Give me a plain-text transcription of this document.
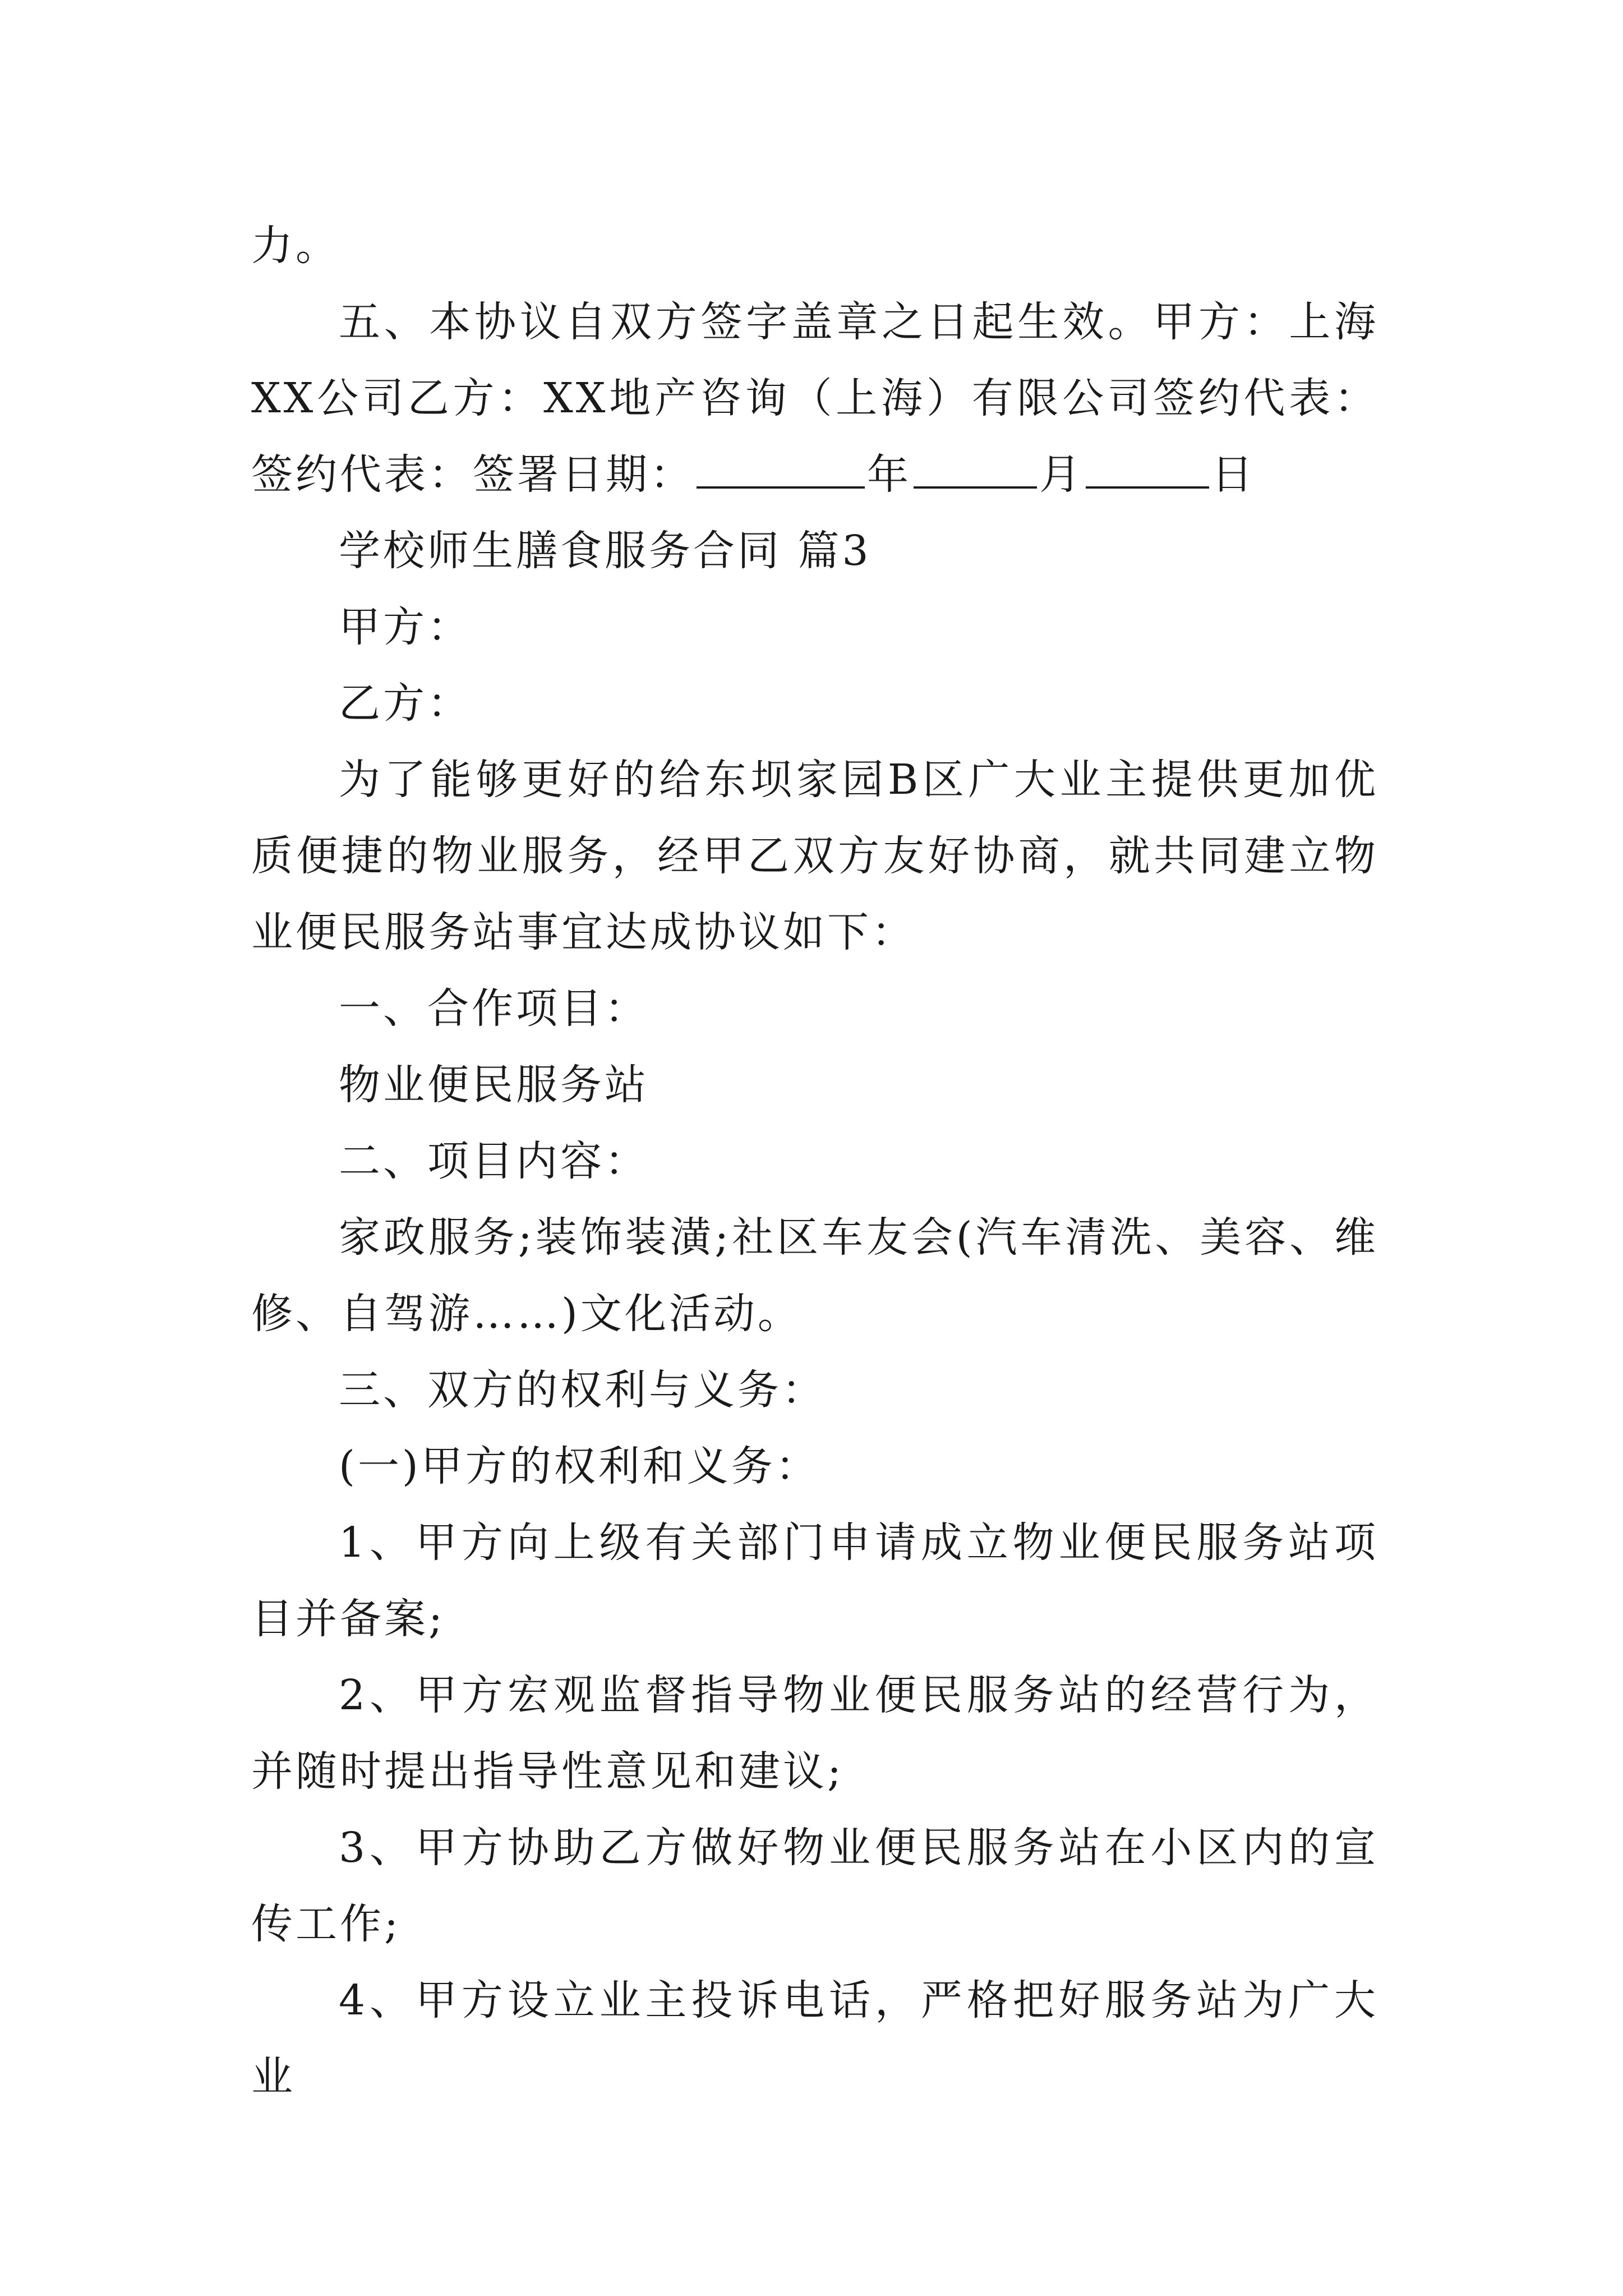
力。

五、本协议自双方签字盖章之日起生效。甲方：上海XX公司乙方：XX地产咨询（上海）有限公司签约代表： 签约代表：签署日期：	年	月	日

学校师生膳食服务合同 篇3

甲方：

乙方：

为了能够更好的给东坝家园B区广大业主提供更加优质便捷的物业服务，经甲乙双方友好协商，就共同建立物业便民服务站事宜达成协议如下：

一、合作项目：

物业便民服务站

二、项目内容：

家政服务;装饰装潢;社区车友会(汽车清洗、美容、维修、自驾游……)文化活动。

三、双方的权利与义务：

(一)甲方的权利和义务：

1、甲方向上级有关部门申请成立物业便民服务站项目并备案;

2、甲方宏观监督指导物业便民服务站的经营行为，并随时提出指导性意见和建议;

3、甲方协助乙方做好物业便民服务站在小区内的宣传工作;

4、甲方设立业主投诉电话，严格把好服务站为广大业
